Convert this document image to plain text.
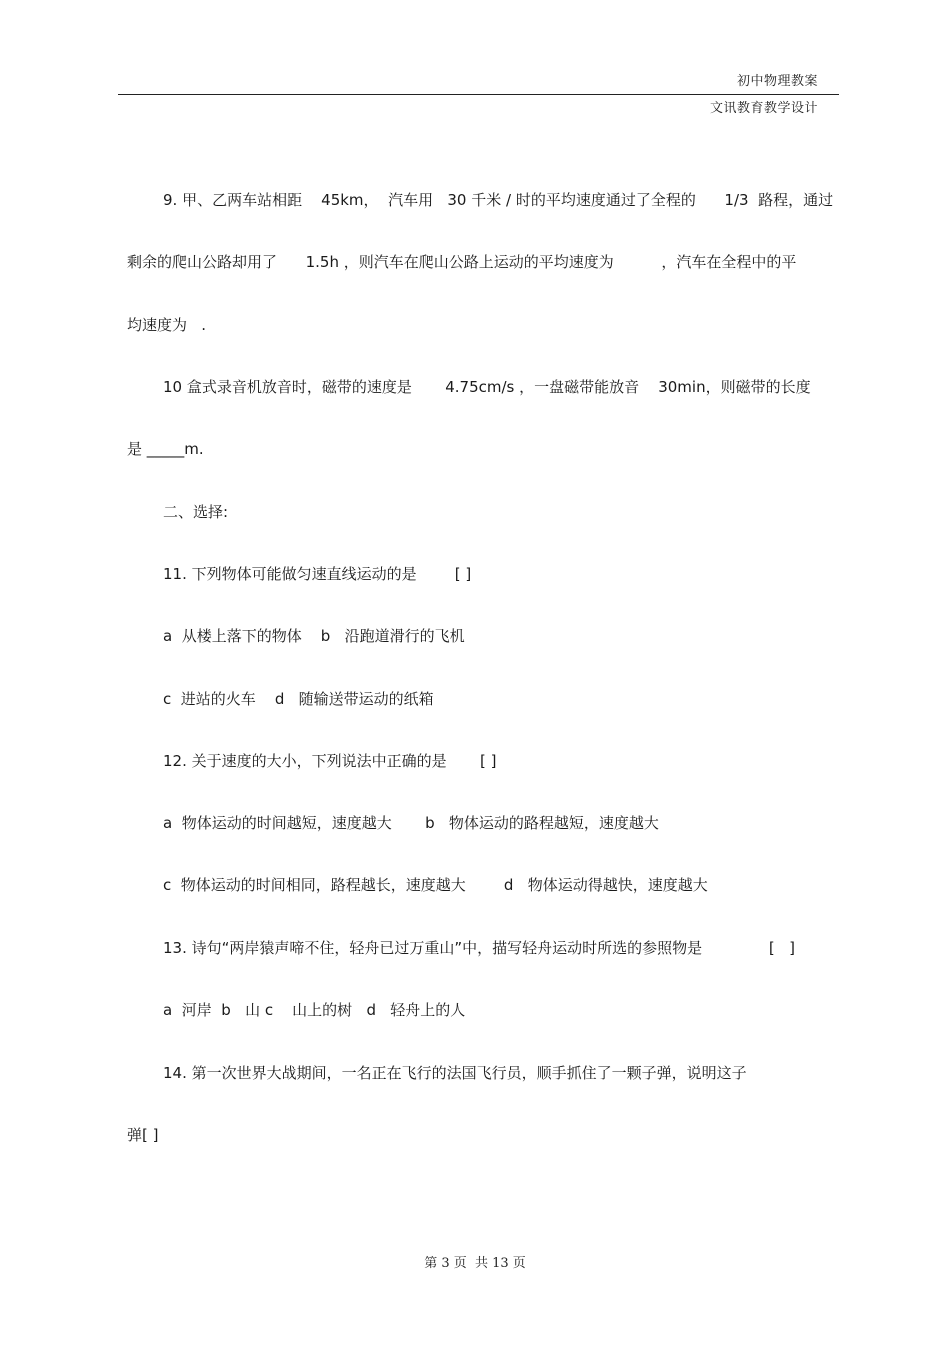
初中物理教案
文讯教育教学设计
9. 甲、乙两车站相距    45km，  汽车用   30 千米 / 时的平均速度通过了全程的      1/3  路程，通过
剩余的爬山公路却用了      1.5h ，则汽车在爬山公路上运动的平均速度为          ，汽车在全程中的平
均速度为   .
10 盒式录音机放音时，磁带的速度是       4.75cm/s ，一盘磁带能放音    30min，则磁带的长度
是 _____m.
二、选择:
11. 下列物体可能做匀速直线运动的是        [ ]
a  从楼上落下的物体    b   沿跑道滑行的飞机
c  进站的火车    d   随输送带运动的纸箱
12. 关于速度的大小，下列说法中正确的是       [ ]
a  物体运动的时间越短，速度越大       b   物体运动的路程越短，速度越大
c  物体运动的时间相同，路程越长，速度越大        d   物体运动得越快，速度越大
13. 诗句“两岸猿声啼不住，轻舟已过万重山”中，描写轻舟运动时所选的参照物是              [   ]
a  河岸  b   山 c    山上的树   d   轻舟上的人
14. 第一次世界大战期间，一名正在飞行的法国飞行员，顺手抓住了一颗子弹，说明这子
弹[ ]
第 3 页  共 13 页
